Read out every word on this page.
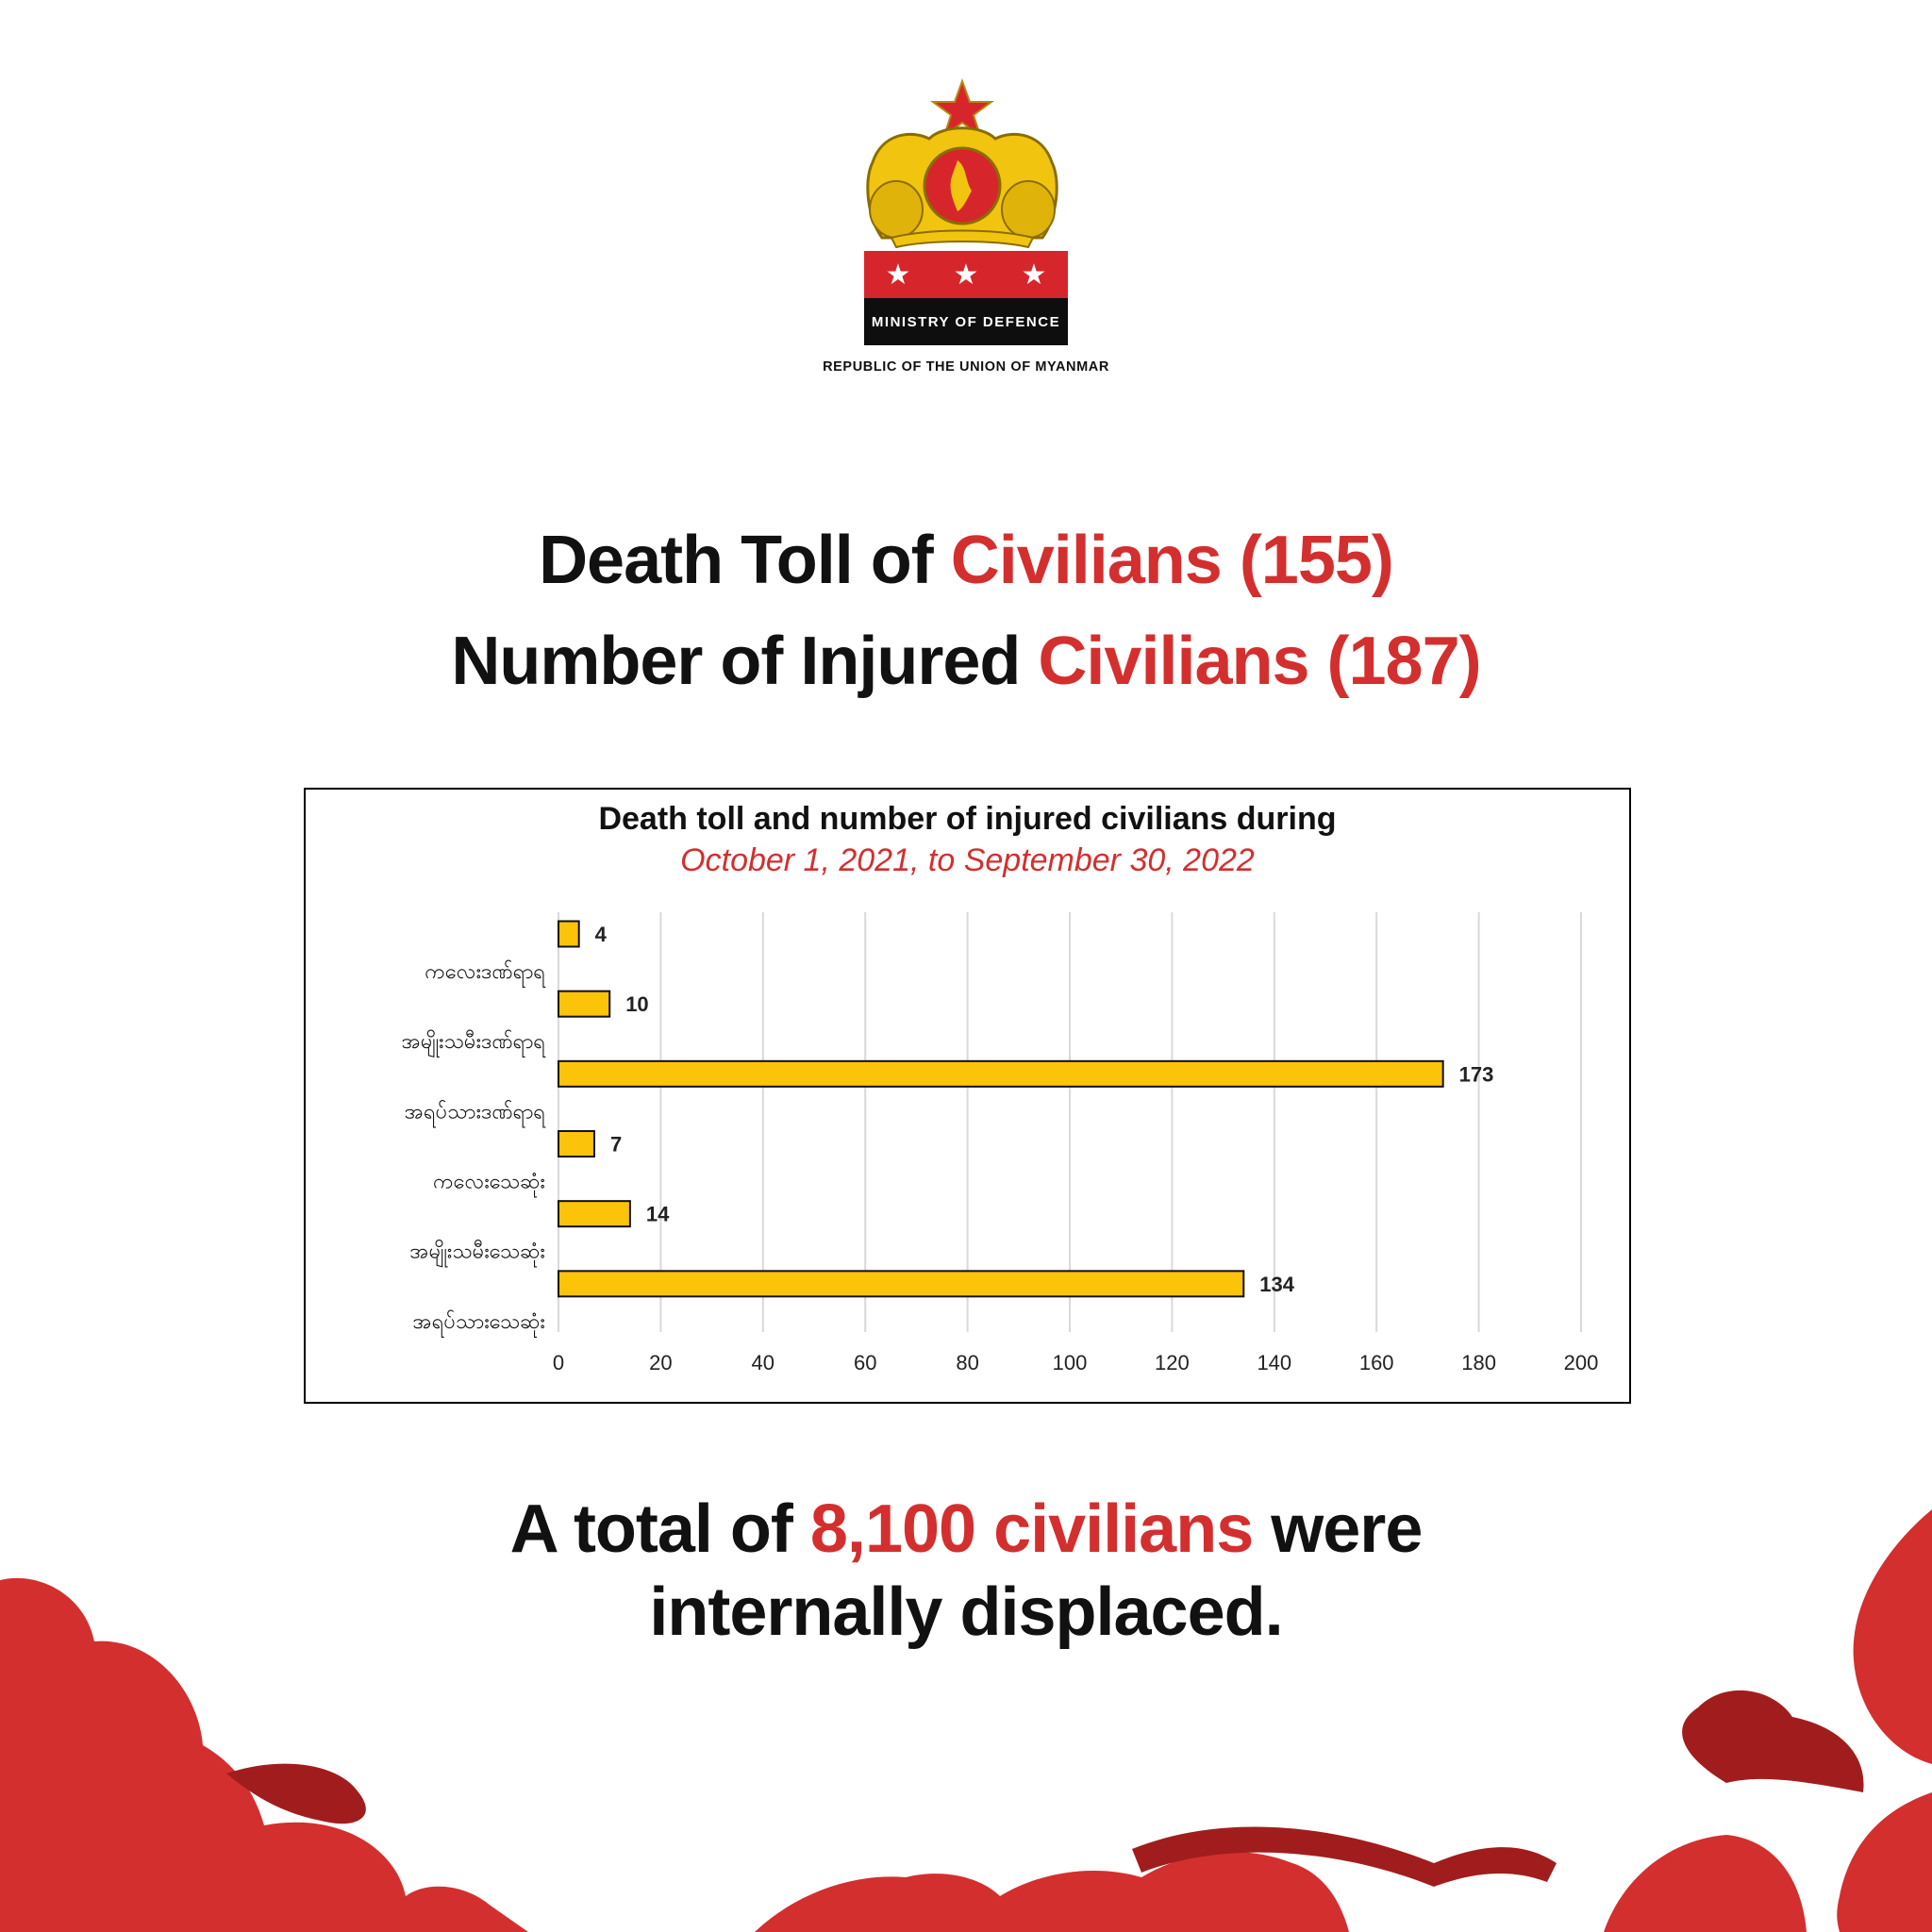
★ ★ ★
MINISTRY OF DEFENCE
REPUBLIC OF THE UNION OF MYANMAR
Death Toll of Civilians (155)
Number of Injured Civilians (187)
Death toll and number of injured civilians during
October 1, 2021, to September 30, 2022
0	20	40	60	80	100	120	140	160	180	200
4
ကလေးဒဏ်ရာရ
10
အမျိုးသမီးဒဏ်ရာရ
173
အရပ်သားဒဏ်ရာရ
7
ကလေးသေဆုံး
14
အမျိုးသမီးသေဆုံး
134
အရပ်သားသေဆုံး
A total of 8,100 civilians were
internally displaced.
